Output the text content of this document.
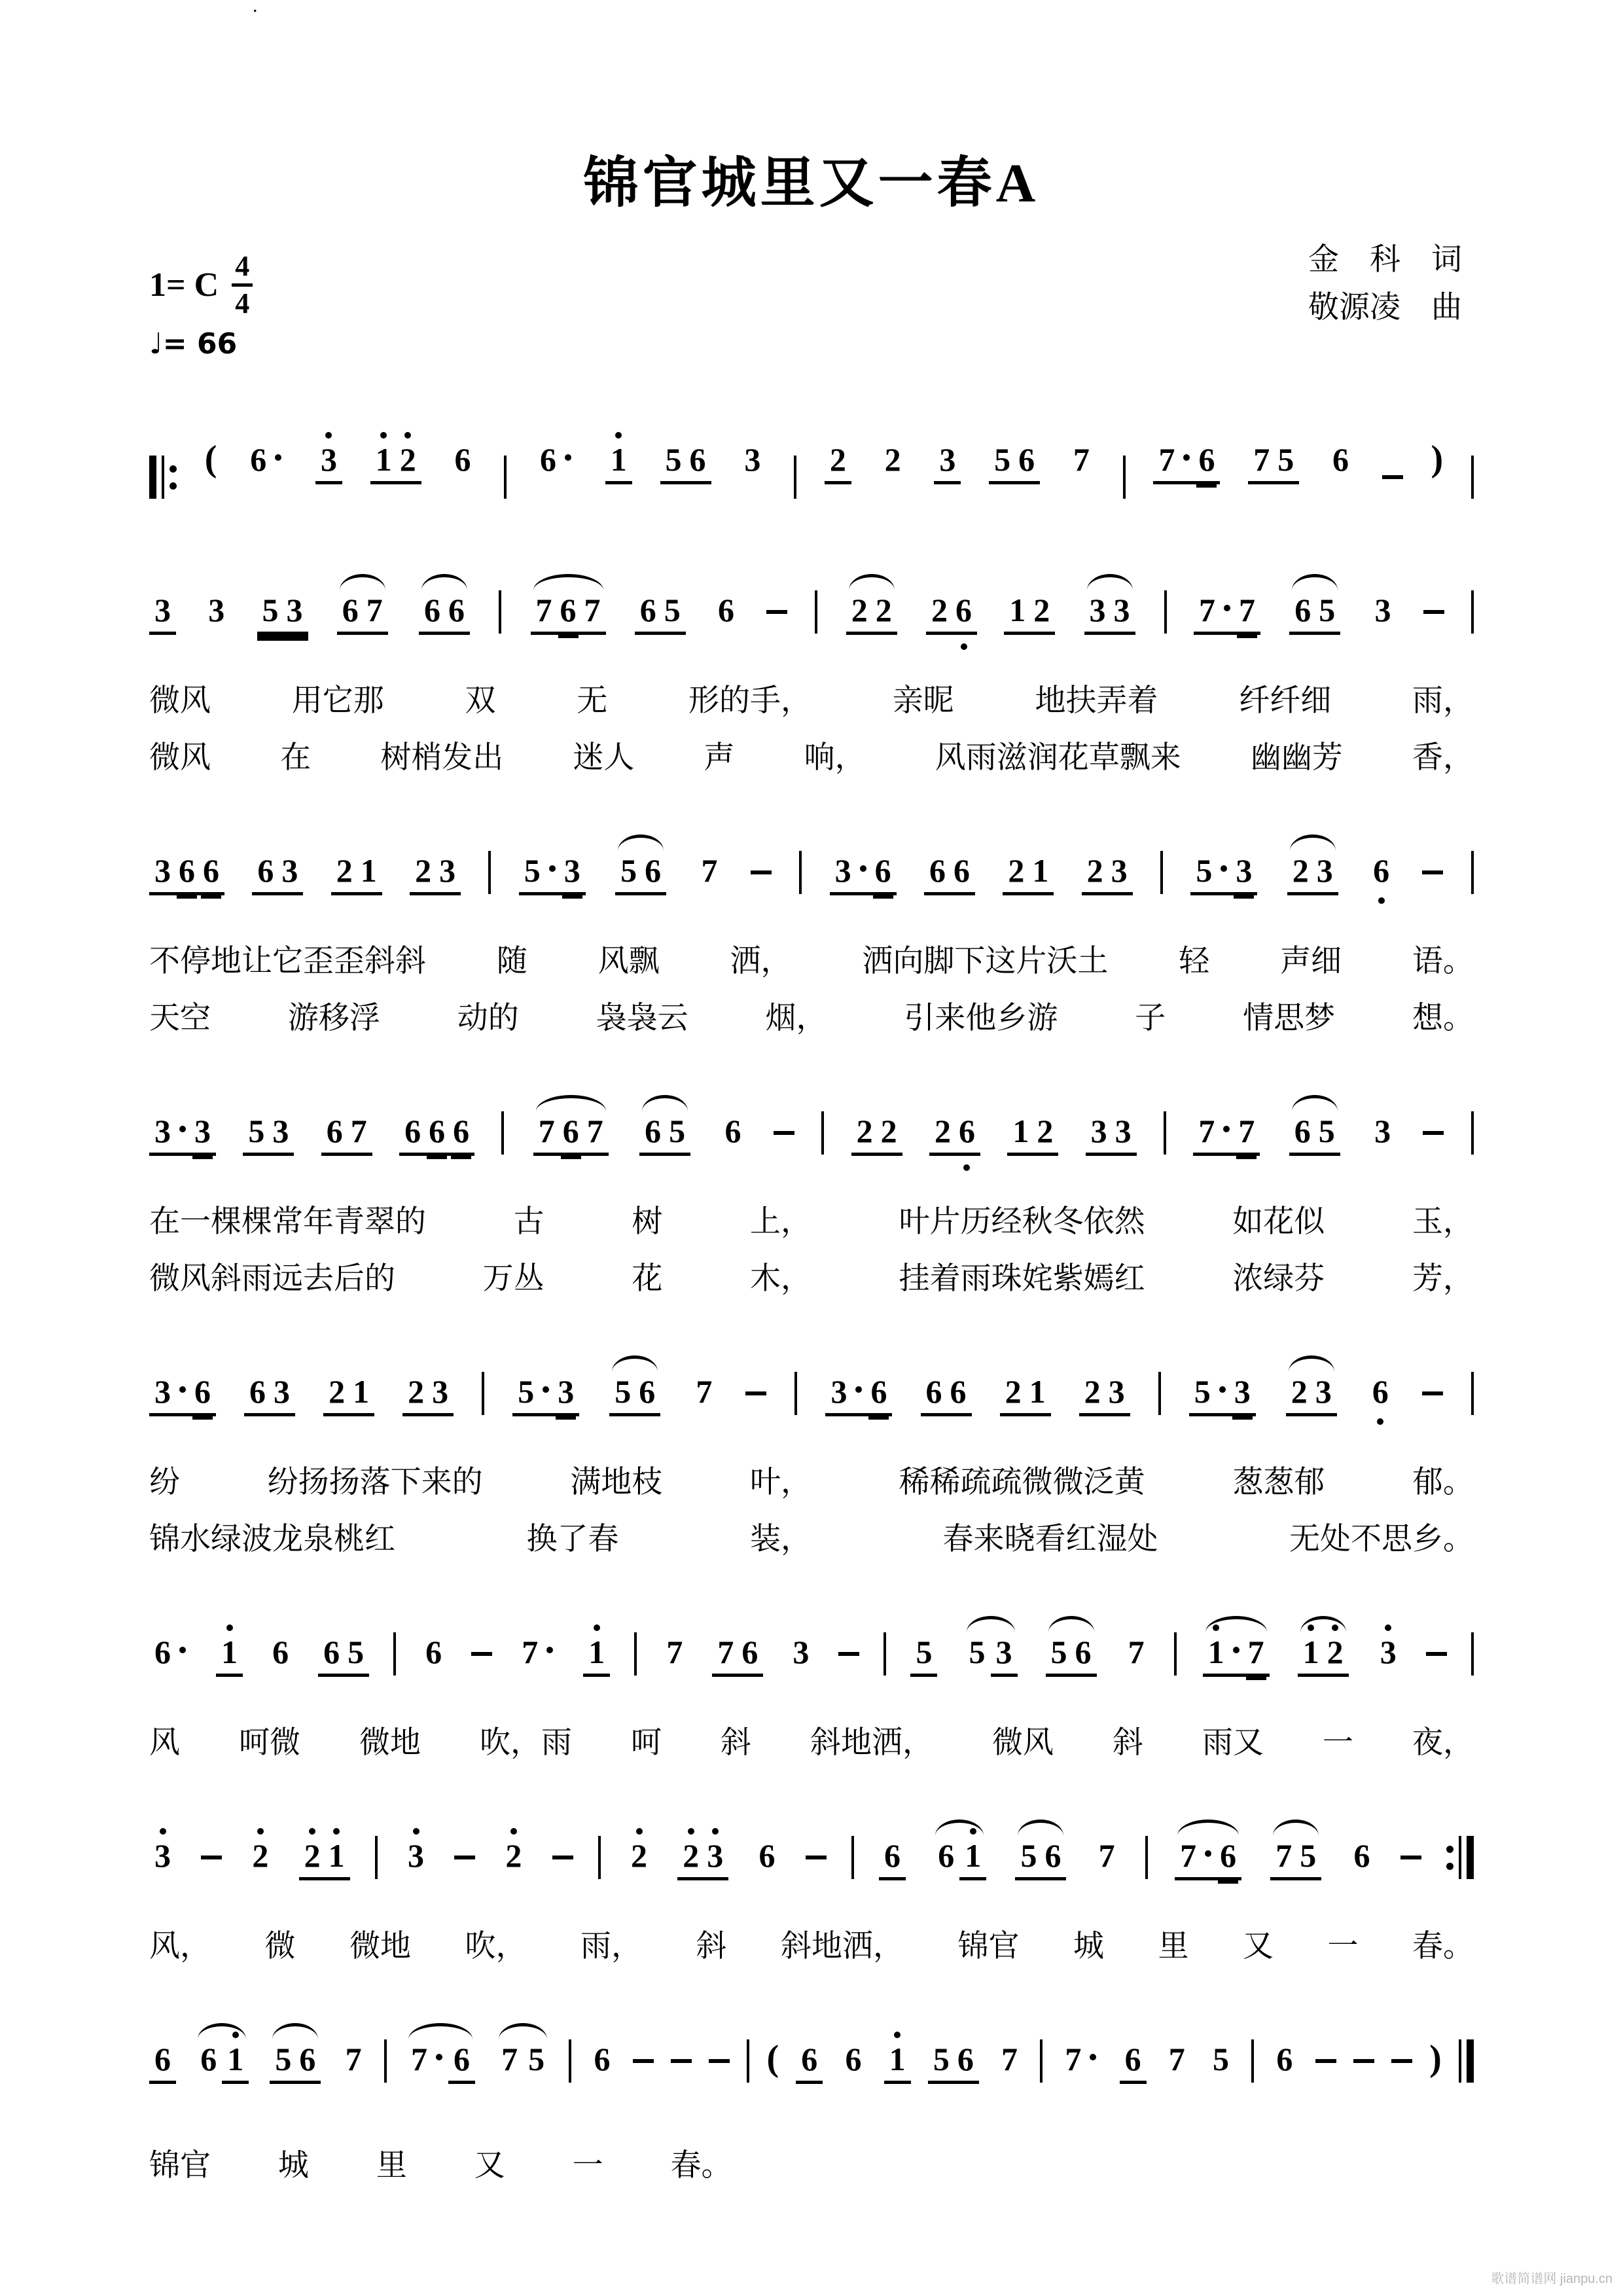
.
锦官城里又一春A
1= C $\frac{4}{4}$
♩= 66
金　科　词
敬源凌　曲
( 6	3 1 2 6 6	1 5 6 3 2 2 3 5 6 7 7 6 7 5 6 )
3 3 5 3 6 7 6 6 7 6 7 6 5 6	2 2 2 6 1 2 3 3 7 7 6 5 3
微风	用它那	双	无	形的手，	亲昵	地扶弄着	纤纤细	雨，
微风 在 树梢发出 迷人 声 响， 风雨滋润花草飘来 幽幽芳 香，
3 6 6 6 3 2 1 2 3 5 3 5 6 7	3 6 6 6 2 1 2 3 5 3 2 3 6
不停地让它歪歪斜斜 随 风飘 洒， 洒向脚下这片沃土 轻 声细 语。
天空	游移浮	动的	袅袅云	烟，	引来他乡游	子	情思梦	想。
3 3 5 3 6 7 6 6 6 7 6 7 6 5 6	2 2 2 6 1 2 3 3 7 7 6 5 3
在一棵棵常年青翠的	古	树	上，	叶片历经秋冬依然	如花似	玉，
微风斜雨远去后的	万丛	花	木，	挂着雨珠姹紫嫣红	浓绿芬	芳，
3 6 6 3 2 1 2 3 5 3 5 6 7	3 6 6 6 2 1 2 3 5 3 2 3 6
纷	纷扬扬落下来的	满地枝	叶，	稀稀疏疏微微泛黄	葱葱郁	郁。
锦水绿波龙泉桃红	换了春	装，	春来晓看红湿处	无处不思乡。
6	1 6 6 5 6 7	1 7 7 6 3	5 5 3 5 6 7 1 7 1 2 3
风 呵微 微地 吹，雨 呵 斜 斜地洒， 微风 斜 雨又 一 夜，
3 2 2 1 3 2	2 2 3 6	6 6 1 5 6 7 7 6 7 5 6
风， 微 微地 吹， 雨， 斜 斜地洒， 锦官 城 里 又 一 春。
6 6 1 5 6 7 7 6 7 5 6	( 6 6 1 5 6 7 7	6 7 5 6	)
锦官 城 里 又 一 春。
歌谱简谱网 jianpu.cn
